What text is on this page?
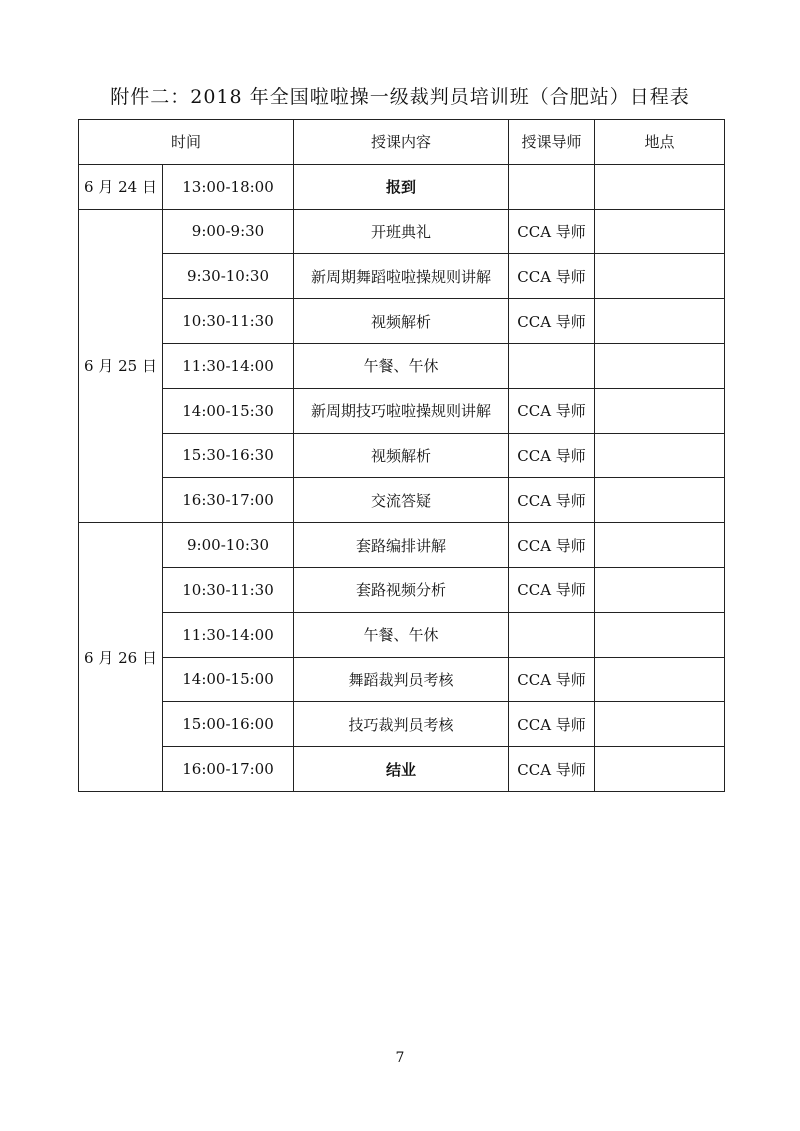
附件二：2018 年全国啦啦操一级裁判员培训班（合肥站）日程表
时间		授课内容	授课导师	地点
6 月 24 日	13:00-18:00	报到		
6 月 25 日	9:00-9:30	开班典礼	CCA 导师	
	9:30-10:30	新周期舞蹈啦啦操规则讲解	CCA 导师	
	10:30-11:30	视频解析	CCA 导师	
	11:30-14:00	午餐、午休		
	14:00-15:30	新周期技巧啦啦操规则讲解	CCA 导师	
	15:30-16:30	视频解析	CCA 导师	
	16:30-17:00	交流答疑	CCA 导师	
6 月 26 日	9:00-10:30	套路编排讲解	CCA 导师	
	10:30-11:30	套路视频分析	CCA 导师	
	11:30-14:00	午餐、午休		
	14:00-15:00	舞蹈裁判员考核	CCA 导师	
	15:00-16:00	技巧裁判员考核	CCA 导师	
	16:00-17:00	结业	CCA 导师	
7
